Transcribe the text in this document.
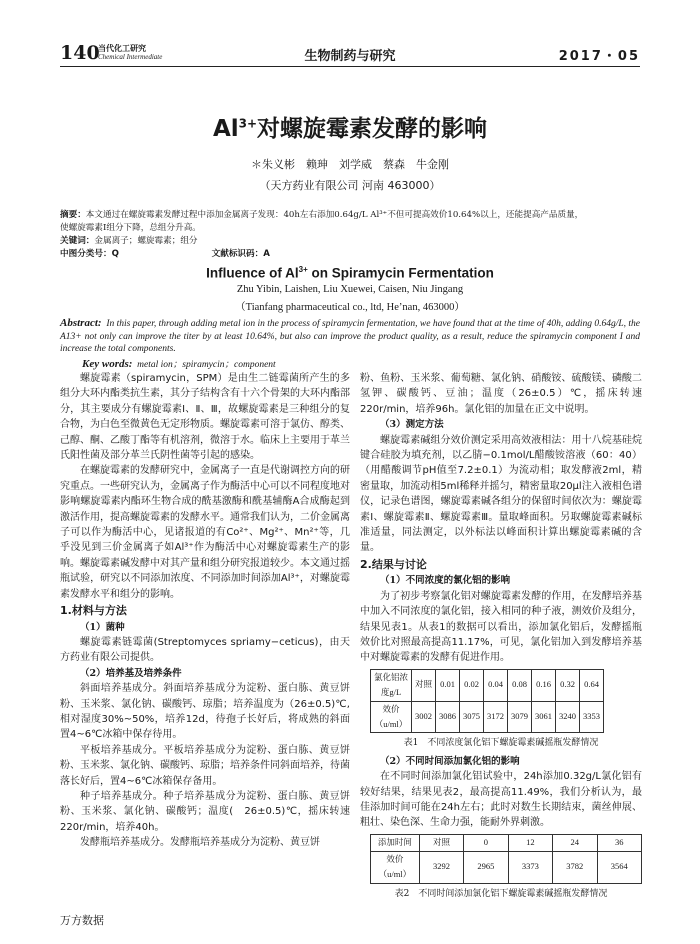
140
当代化工研究
Chemical Intermediate	生物制药与研究	2017・05
$Al^{3+}$对螺旋霉素发酵的影响
＊朱义彬　赖珅　刘学威　蔡森　牛金刚
（天方药业有限公司 河南 463000）
摘要：本文通过在螺旋霉素发酵过程中添加金属离子发现：40h左右添加0.64g/L Al³⁺不但可提高效价10.64%以上，还能提高产品质量，
使螺旋霉素Ⅰ组分下降，总组分升高。
关键词：金属离子；螺旋霉素；组分
中图分类号：Q	文献标识码：A
Influence of $Al^{3+}$ on Spiramycin Fermentation
Zhu Yibin, Laishen, Liu Xuewei, Caisen, Niu Jingang
（Tianfang pharmaceutical co., ltd, He’nan, 463000）
Abstract: In this paper, through adding metal ion in the process of spiramycin fermentation, we have found that at the time of 40h, adding 0.64g/L, the A13+ not only can improve the titer by at least 10.64%, but also can improve the product quality, as a result, reduce the spiramycin component I and increase the total components.
Key words: metal ion；spiramycin；component

螺旋霉素（spiramycin，SPM）是由生二链霉菌所产生的多组分大环内酯类抗生素，其分子结构含有十六个骨架的大环内酯部分，其主要成分有螺旋霉素Ⅰ、Ⅱ、Ⅲ，故螺旋霉素是三种组分的复合物，为白色至微黄色无定形物质。螺旋霉素可溶于氯仿、醇类、己醇、酮、乙酸丁酯等有机溶剂，微溶于水。临床上主要用于革兰氏阳性菌及部分革兰氏阴性菌等引起的感染。

在螺旋霉素的发酵研究中，金属离子一直是代谢调控方向的研究重点。一些研究认为，金属离子作为酶活中心可以不同程度地对影响螺旋霉素内酯环生物合成的酰基激酶和酰基辅酶A合成酶起到激活作用，提高螺旋霉素的发酵水平。通常我们认为，二价金属离子可以作为酶活中心，见诸报道的有Co²⁺、Mg²⁺、Mn²⁺等，几乎没见到三价金属离子如Al³⁺作为酶活中心对螺旋霉素生产的影响。螺旋霉素碱发酵中对其产量和组分研究报道较少。本文通过摇瓶试验，研究以不同添加浓度、不同添加时间添加Al³⁺，对螺旋霉素发酵水平和组分的影响。

1.材料与方法

（1）菌种

螺旋霉素链霉菌(Streptomyces spriamy−ceticus)，由天方药业有限公司提供。

（2）培养基及培养条件

斜面培养基成分。斜面培养基成分为淀粉、蛋白胨、黄豆饼粉、玉米浆、氯化钠、碳酸钙、琼脂；培养温度为（26±0.5)℃,相对湿度30%~50%，培养12d，待孢子长好后，将成熟的斜面置4~6℃冰箱中保存待用。

平板培养基成分。平板培养基成分为淀粉、蛋白胨、黄豆饼粉、玉米浆、氯化钠、碳酸钙、琼脂；培养条件同斜面培养，待菌落长好后，置4~6℃冰箱保存备用。

种子培养基成分。种子培养基成分为淀粉、蛋白胨、黄豆饼粉、玉米浆、氯化钠、碳酸钙；温度(　26±0.5)℃，摇床转速220r/min，培养40h。

发酵瓶培养基成分。发酵瓶培养基成分为淀粉、黄豆饼

粉、鱼粉、玉米浆、葡萄糖、氯化钠、硝酸铵、硫酸镁、磷酸二氢钾、碳酸钙、豆油；温度（26±0.5）℃，摇床转速220r/min，培养96h。氯化铝的加量在正文中说明。

（3）测定方法

螺旋霉素碱组分效价测定采用高效液相法：用十八烷基硅烷键合硅胶为填充剂，以乙腈−0.1mol/L醋酸铵溶液（60：40）（用醋酸调节pH值至7.2±0.1）为流动相；取发酵液2ml，精密量取，加流动相5ml稀释并摇匀，精密量取20μl注入液相色谱仪，记录色谱图，螺旋霉素碱各组分的保留时间依次为：螺旋霉素Ⅰ、螺旋霉素Ⅱ、螺旋霉素Ⅲ。量取峰面积。另取螺旋霉素碱标准适量，同法测定，以外标法以峰面积计算出螺旋霉素碱的含量。

2.结果与讨论

（1）不同浓度的氯化铝的影响

为了初步考察氯化铝对螺旋霉素发酵的作用，在发酵培养基中加入不同浓度的氯化铝，接入相同的种子液，测效价及组分，结果见表1。从表1的数据可以看出，添加氯化铝后，发酵摇瓶效价比对照最高提高11.17%，可见，氯化铝加入到发酵培养基中对螺旋霉素的发酵有促进作用。

氯化铝浓度g/L	对照	0.01	0.02	0.04	0.08	0.16	0.32	0.64
效价（u/ml）	3002	3086	3075	3172	3079	3061	3240	3353
表1　不同浓度氯化铝下螺旋霉素碱摇瓶发酵情况

（2）不同时间添加氯化铝的影响

在不同时间添加氯化铝试验中，24h添加0.32g/L氯化铝有较好结果，结果见表2，最高提高11.49%，我们分析认为，最佳添加时间可能在24h左右；此时对数生长期结束，菌丝伸展、粗壮、染色深、生命力强，能耐外界刺激。

添加时间	对照	0	12	24	36
效价（u/ml）	3292	2965	3373	3782	3564
表2　不同时间添加氯化铝下螺旋霉素碱摇瓶发酵情况
万方数据
